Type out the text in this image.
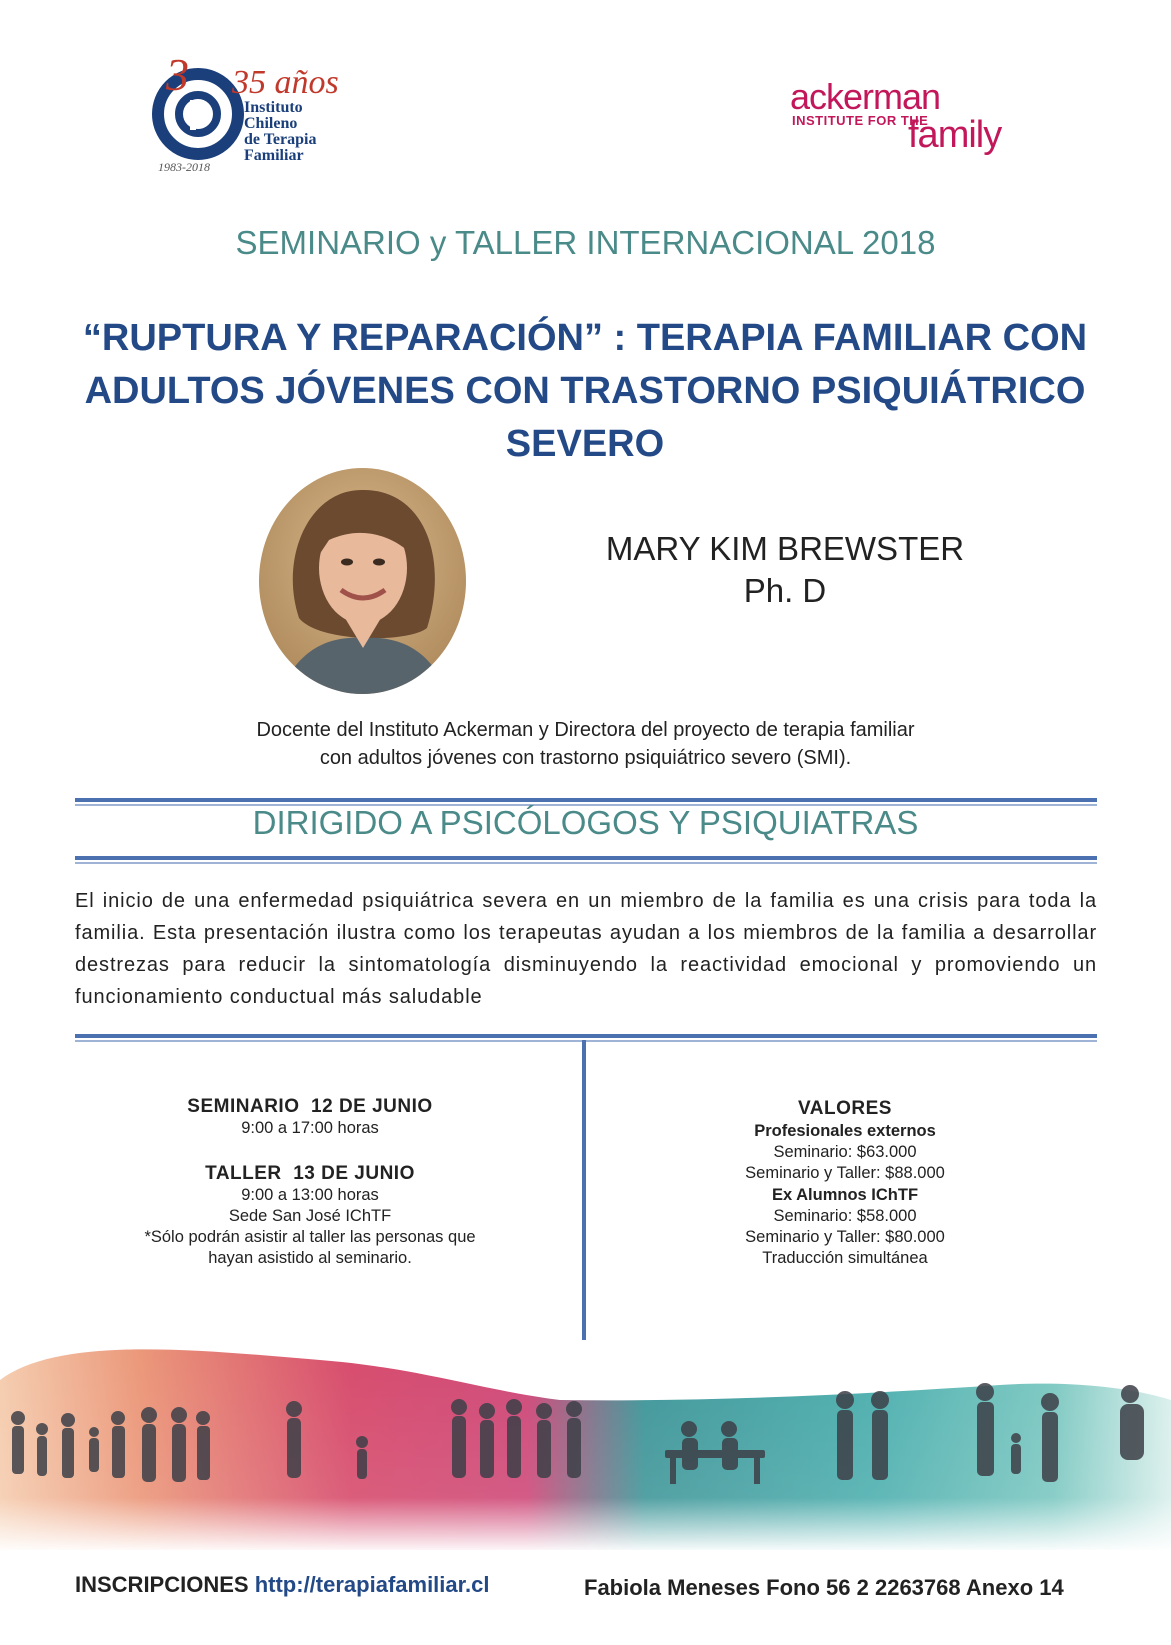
3 35 años
Instituto
Chileno
de Terapia
Familiar
1983-2018
ackerman
INSTITUTE FOR THE
family
SEMINARIO y TALLER INTERNACIONAL 2018
“RUPTURA Y REPARACIÓN” : TERAPIA FAMILIAR CON
ADULTOS JÓVENES CON TRASTORNO PSIQUIÁTRICO SEVERO
MARY KIM BREWSTER
Ph. D
Docente del Instituto Ackerman y Directora del proyecto de terapia familiar
con adultos jóvenes con trastorno psiquiátrico severo (SMI).
DIRIGIDO A PSICÓLOGOS Y PSIQUIATRAS
El inicio de una enfermedad psiquiátrica severa en un miembro de la familia es una crisis para toda la familia. Esta presentación ilustra como los terapeutas ayudan a los miembros de la familia a desarrollar destrezas para reducir la sintomatología disminuyendo la reactividad emocional y promoviendo un funcionamiento conductual más saludable
SEMINARIO  12 DE JUNIO
9:00 a 17:00 horas
TALLER  13 DE JUNIO
9:00 a 13:00 horas
Sede San José IChTF
*Sólo podrán asistir al taller las personas que
hayan asistido al seminario.
VALORES
Profesionales externos
Seminario: $63.000
Seminario y Taller: $88.000
Ex Alumnos IChTF
Seminario: $58.000
Seminario y Taller: $80.000
Traducción simultánea
INSCRIPCIONES http://terapiafamiliar.cl	Fabiola Meneses Fono 56 2 2263768 Anexo 14
